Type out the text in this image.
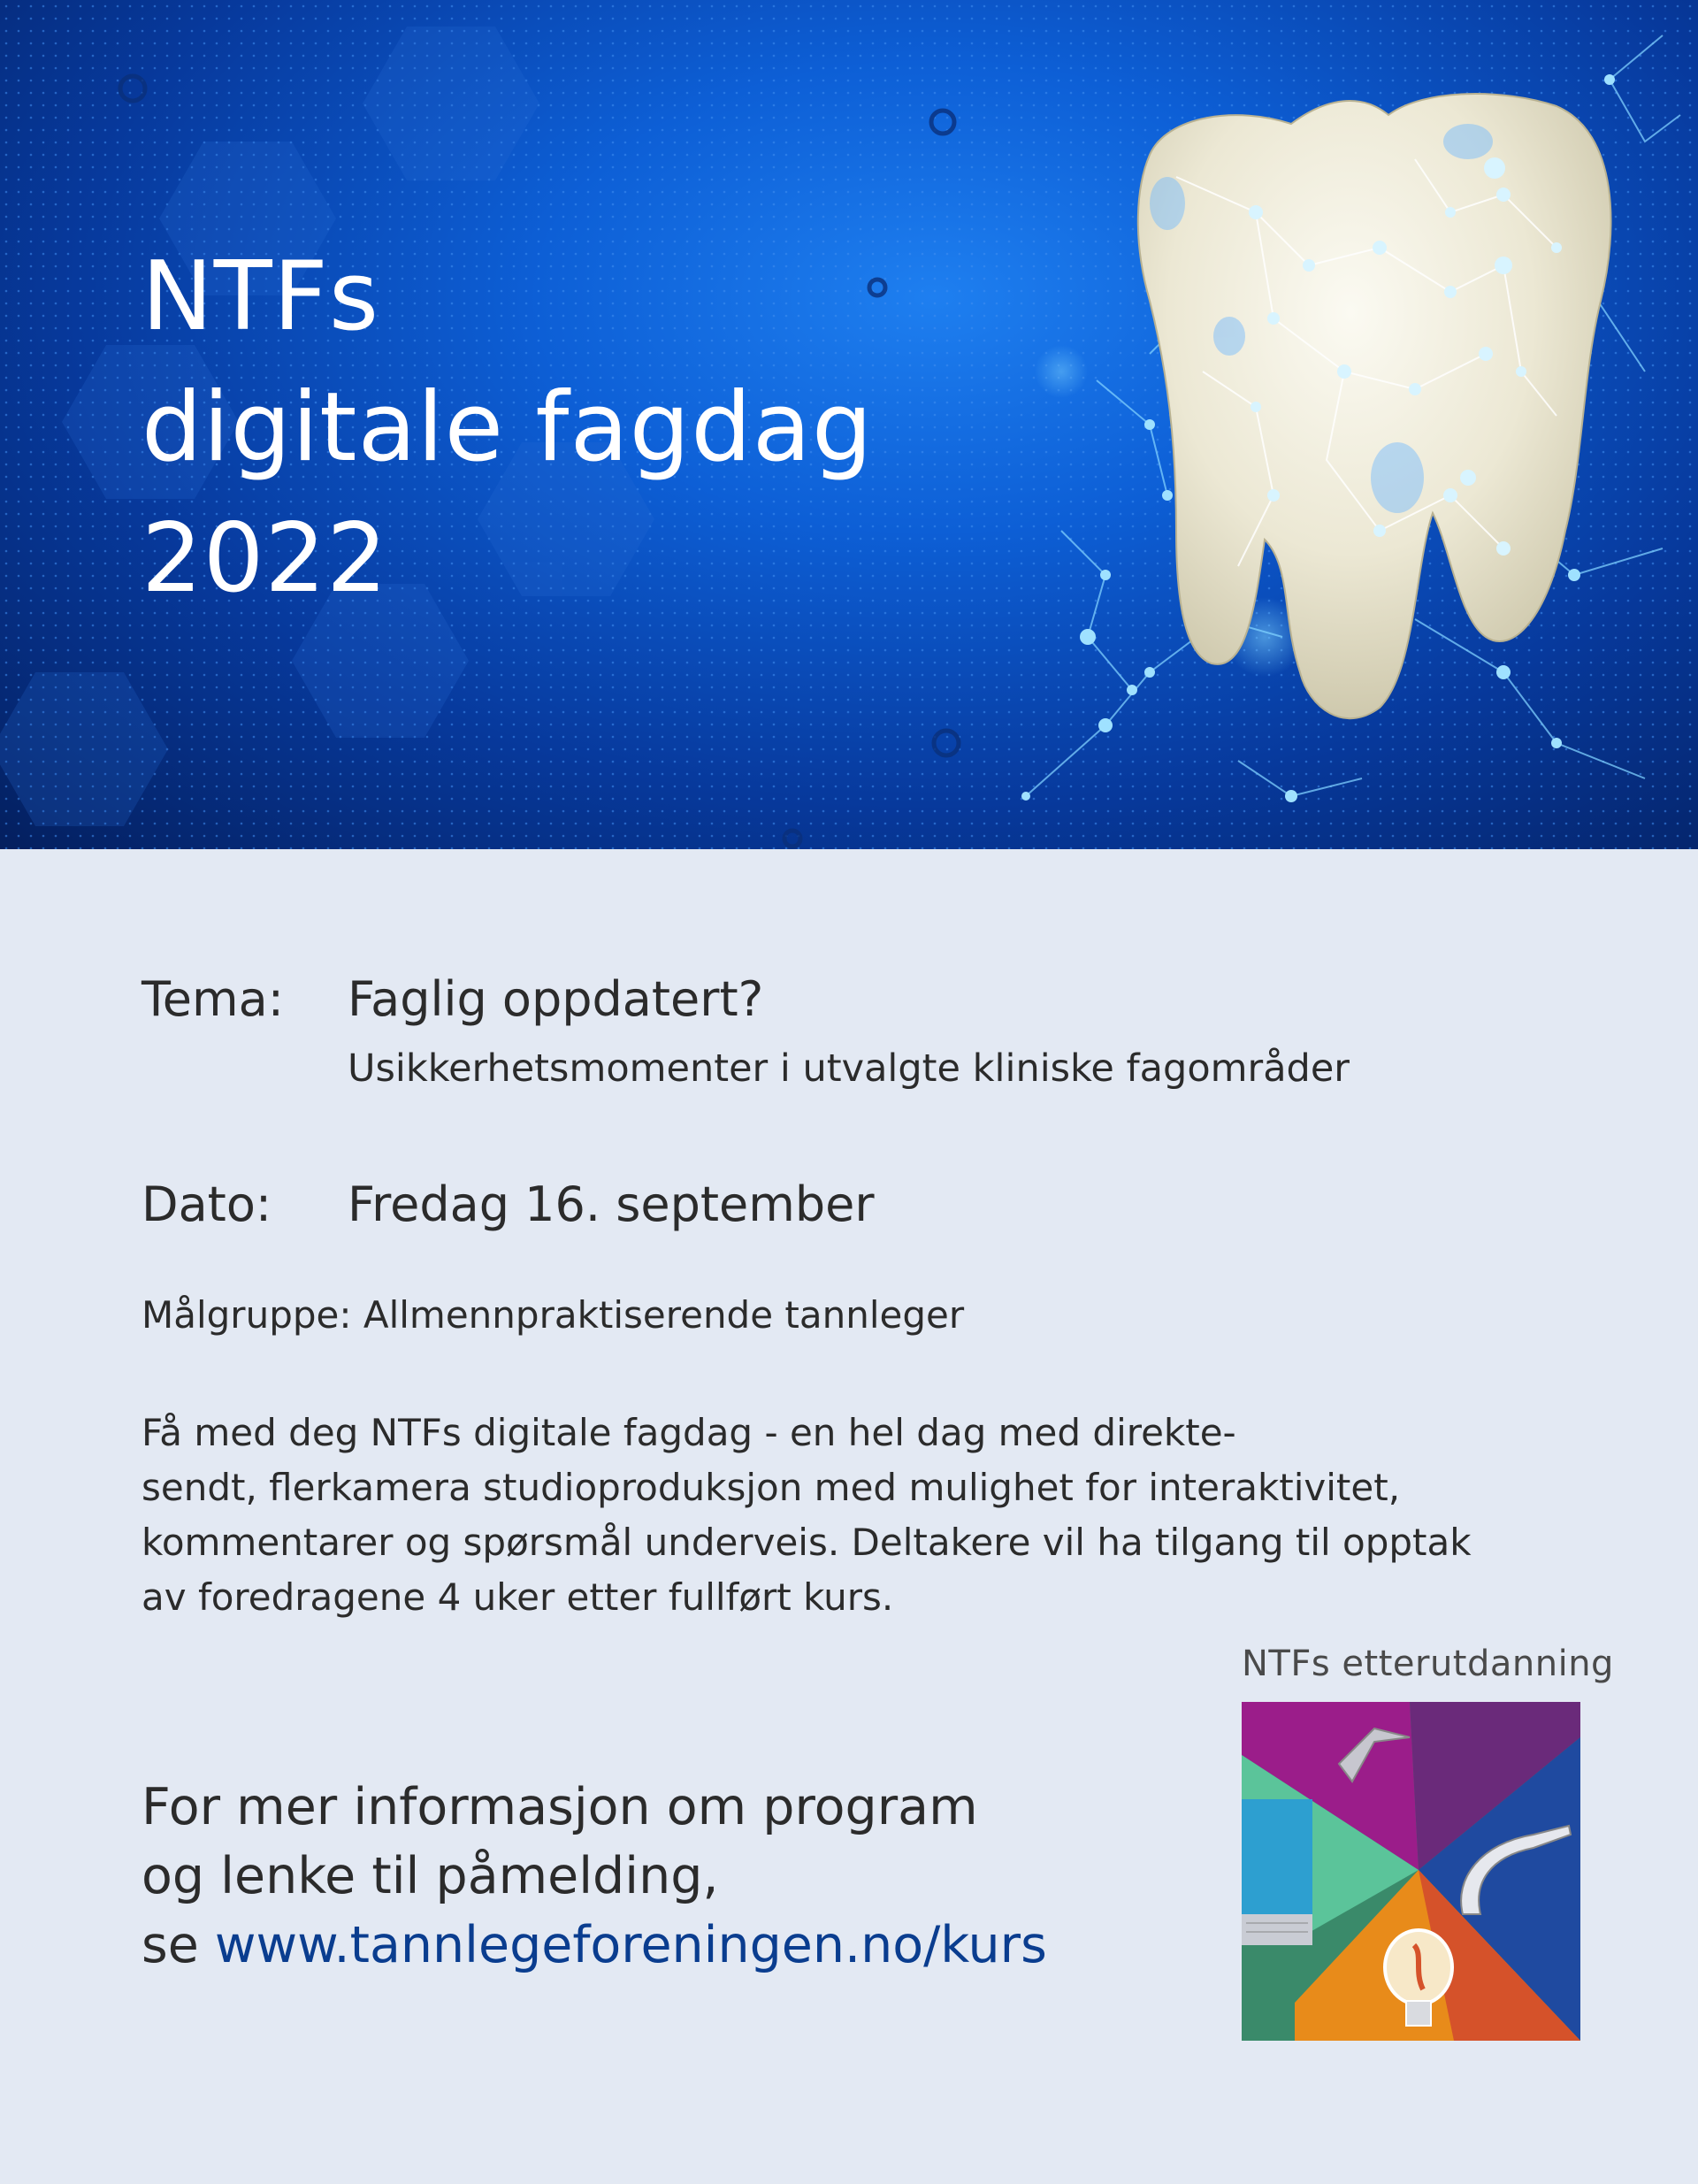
NTFs
digitale fagdag
2022
Tema: Faglig oppdatert?
Usikkerhetsmomenter i utvalgte kliniske fagområder
Dato: Fredag 16. september
Målgruppe: Allmennpraktiserende tannleger
Få med deg NTFs digitale fagdag - en hel dag med direkte-
sendt, flerkamera studioproduksjon med mulighet for interaktivitet,
kommentarer og spørsmål underveis. Deltakere vil ha tilgang til opptak
av foredragene 4 uker etter fullført kurs.
NTFs etterutdanning
For mer informasjon om program
og lenke til påmelding,
se www.tannlegeforeningen.no/kurs
